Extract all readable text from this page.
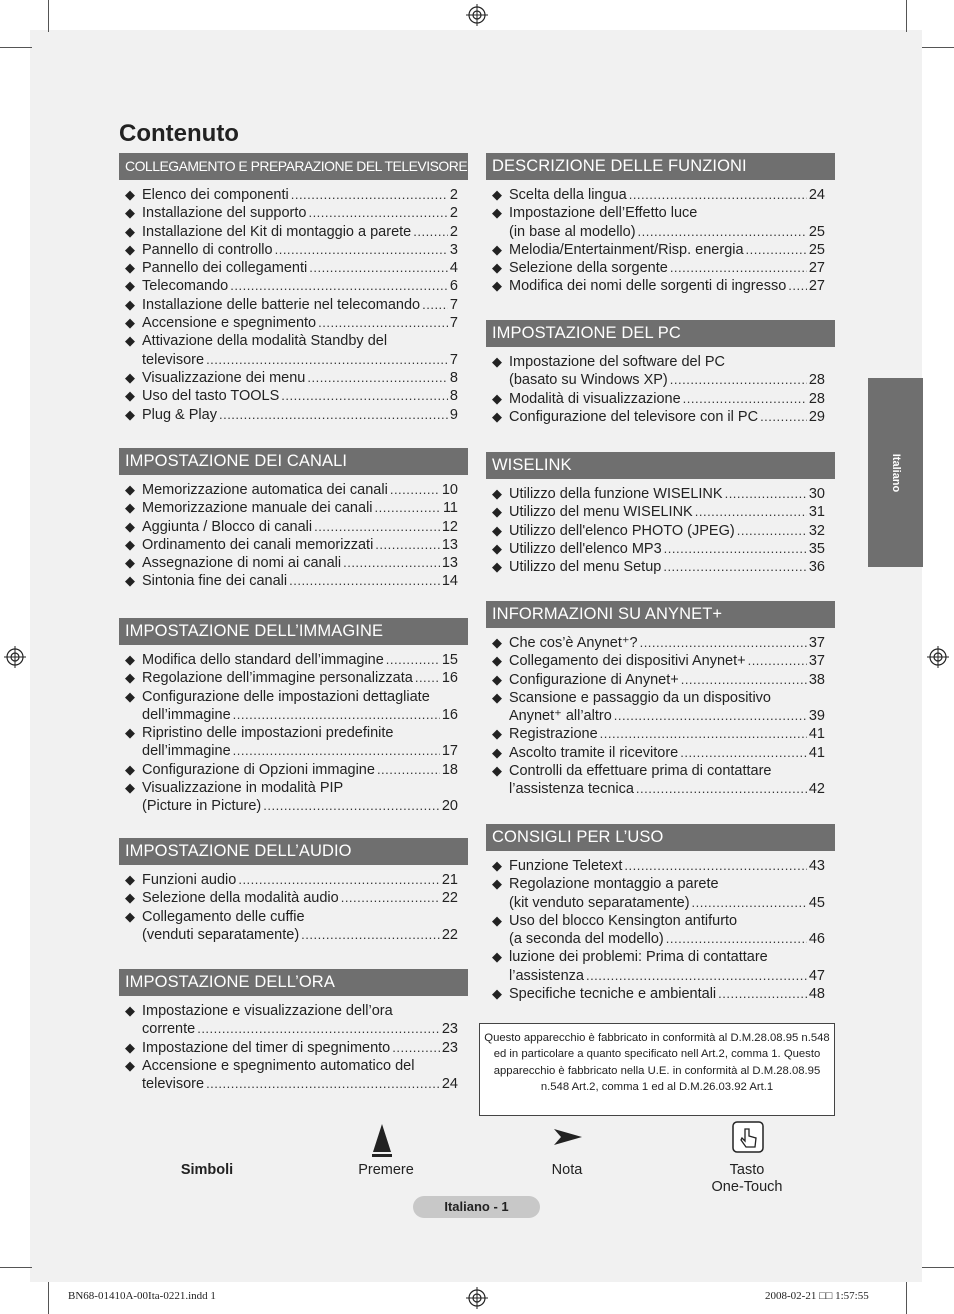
Contenuto
COLLEGAMENTO E PREPARAZIONE DEL TELEVISORE
◆ Elenco dei componenti .....	2
◆ Installazione del supporto .....	2
◆ Installazione del Kit di montaggio a parete .....	2
◆ Pannello di controllo .....	3
◆ Pannello dei collegamenti .....	4
◆ Telecomando .....	6
◆ Installazione delle batterie nel telecomando ..... 7
◆ Accensione e spegnimento .....	7
◆ Attivazione della modalità Standby del
televisore .....	7
◆ Visualizzazione dei menu .....	8
◆ Uso del tasto TOOLS .....	8
◆ Plug & Play .....	9
IMPOSTAZIONE DEI CANALI
◆ Memorizzazione automatica dei canali .....	10
◆ Memorizzazione manuale dei canali .....	11
◆ Aggiunta / Blocco di canali .....	12
◆ Ordinamento dei canali memorizzati .....	13
◆ Assegnazione di nomi ai canali .....	13
◆ Sintonia fine dei canali .....	14
IMPOSTAZIONE DELL’IMMAGINE
◆ Modifica dello standard dell’immagine .....	15
◆ Regolazione dell’immagine personalizzata ..... 16
◆ Configurazione delle impostazioni dettagliate
dell’immagine .....	16
◆ Ripristino delle impostazioni predefinite
dell’immagine .....	17
◆ Configurazione di Opzioni immagine .....	18
◆ Visualizzazione in modalità PIP
(Picture in Picture) .....	20
IMPOSTAZIONE DELL’AUDIO
◆ Funzioni audio .....	21
◆ Selezione della modalità audio .....	22
◆ Collegamento delle cuffie
(venduti separatamente) .....	22
IMPOSTAZIONE DELL’ORA
◆ Impostazione e visualizzazione dell’ora
corrente .....	23
◆ Impostazione del timer di spegnimento .....	23
◆ Accensione e spegnimento automatico del
televisore .....	24
DESCRIZIONE DELLE FUNZIONI
◆ Scelta della lingua .....	24
◆ Impostazione dell’Effetto luce
(in base al modello) .....	25
◆ Melodia/Entertainment/Risp. energia .....	25
◆ Selezione della sorgente .....	27
◆ Modifica dei nomi delle sorgenti di ingresso ..... 27
IMPOSTAZIONE DEL PC
◆ Impostazione del software del PC
(basato su Windows XP) .....	28
◆ Modalità di visualizzazione .....	28
◆ Configurazione del televisore con il PC .....	29
WISELINK
◆ Utilizzo della funzione WISELINK .....	30
◆ Utilizzo del menu WISELINK .....	31
◆ Utilizzo dell'elenco PHOTO (JPEG) .....	32
◆ Utilizzo dell'elenco MP3 .....	35
◆ Utilizzo del menu Setup .....	36
INFORMAZIONI SU ANYNET+
◆ Che cos’è Anynet⁺? .....	37
◆ Collegamento dei dispositivi Anynet+ .....	37
◆ Configurazione di Anynet+ .....	38
◆ Scansione e passaggio da un dispositivo
Anynet⁺ all’altro .....	39
◆ Registrazione .....	41
◆ Ascolto tramite il ricevitore .....	41
◆ Controlli da effettuare prima di contattare
l’assistenza tecnica .....	42
CONSIGLI PER L’USO
◆ Funzione Teletext .....	43
◆ Regolazione montaggio a parete
(kit venduto separatamente) .....	45
◆ Uso del blocco Kensington antifurto
(a seconda del modello) .....	46
◆ luzione dei problemi: Prima di contattare
l’assistenza .....	47
◆ Specifiche tecniche e ambientali .....	48
Italiano
Questo apparecchio è fabbricato in conformità al D.M.28.08.95 n.548 ed in particolare a quanto specificato nell Art.2, comma 1. Questo apparecchio è fabbricato nella U.E. in conformità al D.M.28.08.95 n.548 Art.2, comma 1 ed al D.M.26.03.92 Art.1
Simboli	Premere	Nota	Tasto
One-Touch
Italiano - 1
BN68-01410A-00Ita-0221.indd 1	2008-02-21 □□ 1:57:55
